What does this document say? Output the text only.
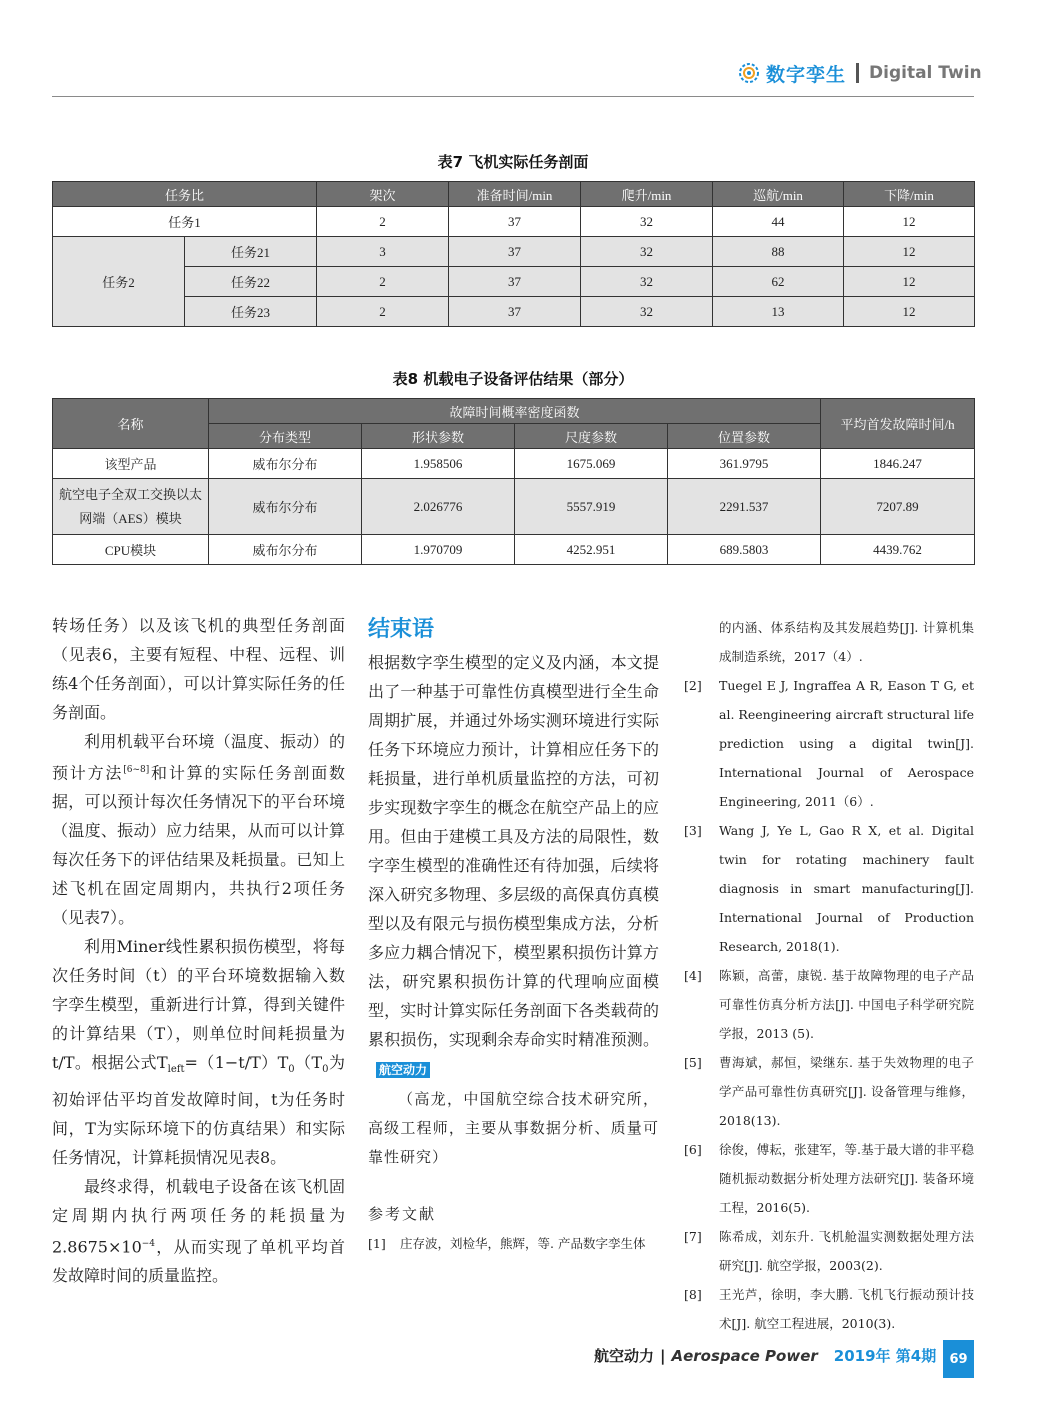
数字孪生 Digital Twin
表7 飞机实际任务剖面
任务比		架次	准备时间/min	爬升/min	巡航/min	下降/min
任务1		2	37	32	44	12
任务2	任务21	3	37	32	88	12
	任务22	2	37	32	62	12
	任务23	2	37	32	13	12
表8 机载电子设备评估结果（部分）
名称	故障时间概率密度函数				平均首发故障时间/h
	分布类型	形状参数	尺度参数	位置参数	
该型产品	威布尔分布	1.958506	1675.069	361.9795	1846.247
航空电子全双工交换以太
网端（AES）模块	威布尔分布	2.026776	5557.919	2291.537	7207.89
CPU模块	威布尔分布	1.970709	4252.951	689.5803	4439.762

转场任务）以及该飞机的典型任务剖面（见表6，主要有短程、中程、远程、训练4个任务剖面），可以计算实际任务的任务剖面。

利用机载平台环境（温度、振动）的预计方法[6~8]和计算的实际任务剖面数据，可以预计每次任务情况下的平台环境（温度、振动）应力结果，从而可以计算每次任务下的评估结果及耗损量。已知上述飞机在固定周期内，共执行2项任务（见表7）。

利用Miner线性累积损伤模型，将每次任务时间（t）的平台环境数据输入数字孪生模型，重新进行计算，得到关键件的计算结果（T），则单位时间耗损量为t/T。根据公式$T_{left}=(1-t/T)T_0(T_0$为初始评估平均首发故障时间，t为任务时间，T为实际环境下的仿真结果）和实际任务情况，计算耗损情况见表8。

最终求得，机载电子设备在该飞机固定周期内执行两项任务的耗损量为$2.8675\times 10^{-4}$，从而实现了单机平均首发故障时间的质量监控。

结束语

根据数字孪生模型的定义及内涵，本文提出了一种基于可靠性仿真模型进行全生命周期扩展，并通过外场实测环境进行实际任务下环境应力预计，计算相应任务下的耗损量，进行单机质量监控的方法，可初步实现数字孪生的概念在航空产品上的应用。但由于建模工具及方法的局限性，数字孪生模型的准确性还有待加强，后续将深入研究多物理、多层级的高保真仿真模型以及有限元与损伤模型集成方法，分析多应力耦合情况下，模型累积损伤计算方法，研究累积损伤计算的代理响应面模型，实时计算实际任务剖面下各类载荷的累积损伤，实现剩余寿命实时精准预测。航空动力

（高龙，中国航空综合技术研究所，高级工程师，主要从事数据分析、质量可靠性研究）

参考文献

[1]	庄存波，刘检华，熊辉，等. 产品数字孪生体
的内涵、体系结构及其发展趋势[J]. 计算机集成制造系统，2017（4）.
[2]	Tuegel E J, Ingraffea A R, Eason T G, et al. Reengineering aircraft structural life prediction using a digital twin[J]. International Journal of Aerospace Engineering, 2011（6）.
[3]	Wang J, Ye L, Gao R X, et al. Digital twin for rotating machinery fault diagnosis in smart manufacturing[J]. International Journal of Production Research, 2018(1).
[4]	陈颖，高蕾，康锐. 基于故障物理的电子产品可靠性仿真分析方法[J]. 中国电子科学研究院学报，2013 (5).
[5]	曹海斌，郝恒，梁继东. 基于失效物理的电子学产品可靠性仿真研究[J]. 设备管理与维修，2018(13).
[6]	徐俊，傅耘，张建军，等.基于最大谱的非平稳随机振动数据分析处理方法研究[J]. 装备环境工程，2016(5).
[7]	陈希成，刘东升. 飞机舱温实测数据处理方法研究[J]. 航空学报，2003(2).
[8]	王光芦，徐明，李大鹏. 飞机飞行振动预计技术[J]. 航空工程进展，2010(3).
航空动力 | Aerospace Power 2019年 第4期	69
